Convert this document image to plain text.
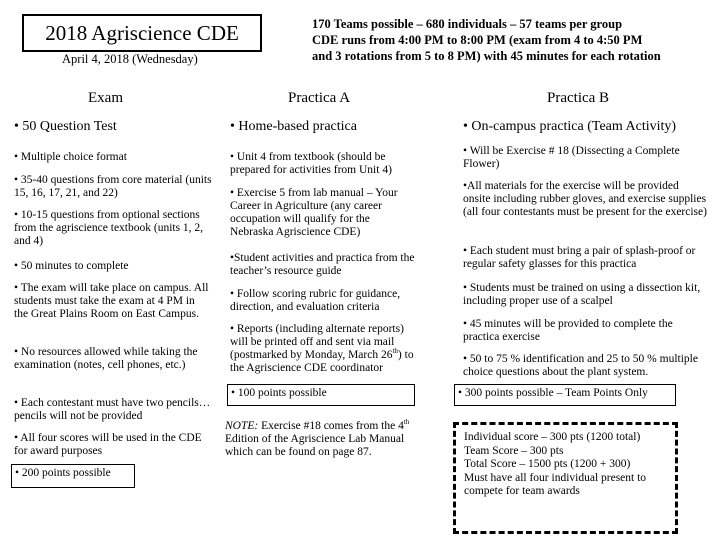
2018 Agriscience CDE
April 4, 2018 (Wednesday)
170 Teams possible – 680 individuals – 57 teams per group
CDE runs from 4:00 PM to 8:00 PM (exam from 4 to 4:50 PM
and 3 rotations from 5 to 8 PM) with 45 minutes for each rotation
Exam
• 50 Question Test
• Multiple choice format
• 35-40 questions from core material (units 15, 16, 17, 21, and 22)
• 10-15 questions from optional sections from the agriscience textbook (units 1, 2, and 4)
• 50 minutes to complete
• The exam will take place on campus. All students must take the exam at 4 PM in the Great Plains Room on East Campus.
• No resources allowed while taking the examination (notes, cell phones, etc.)
• Each contestant must have two pencils…pencils will not be provided
• All four scores will be used in the CDE for award purposes
• 200 points possible
Practica A
• Home-based practica
• Unit 4 from textbook (should be prepared for activities from Unit 4)
• Exercise 5 from lab manual – Your Career in Agriculture (any career occupation will qualify for the Nebraska Agriscience CDE)
•Student activities and practica from the teacher’s resource guide
• Follow scoring rubric for guidance, direction, and evaluation criteria
• Reports (including alternate reports) will be printed off and sent via mail (postmarked by Monday, March 26th) to the Agriscience CDE coordinator
• 100 points possible
NOTE: Exercise #18 comes from the 4th Edition of the Agriscience Lab Manual which can be found on page 87.
Practica B
• On-campus practica (Team Activity)
• Will be Exercise # 18 (Dissecting a Complete Flower)
•All materials for the exercise will be provided onsite including rubber gloves, and exercise supplies (all four contestants must be present for the exercise)
• Each student must bring a pair of splash-proof or regular safety glasses for this practica
• Students must be trained on using a dissection kit, including proper use of a scalpel
• 45 minutes will be provided to complete the practica exercise
• 50 to 75 % identification and 25 to 50 % multiple choice questions about the plant system.
• 300 points possible – Team Points Only
Individual score – 300 pts (1200 total)
Team Score – 300 pts
Total Score – 1500 pts (1200 + 300)
Must have all four individual present to compete for team awards
